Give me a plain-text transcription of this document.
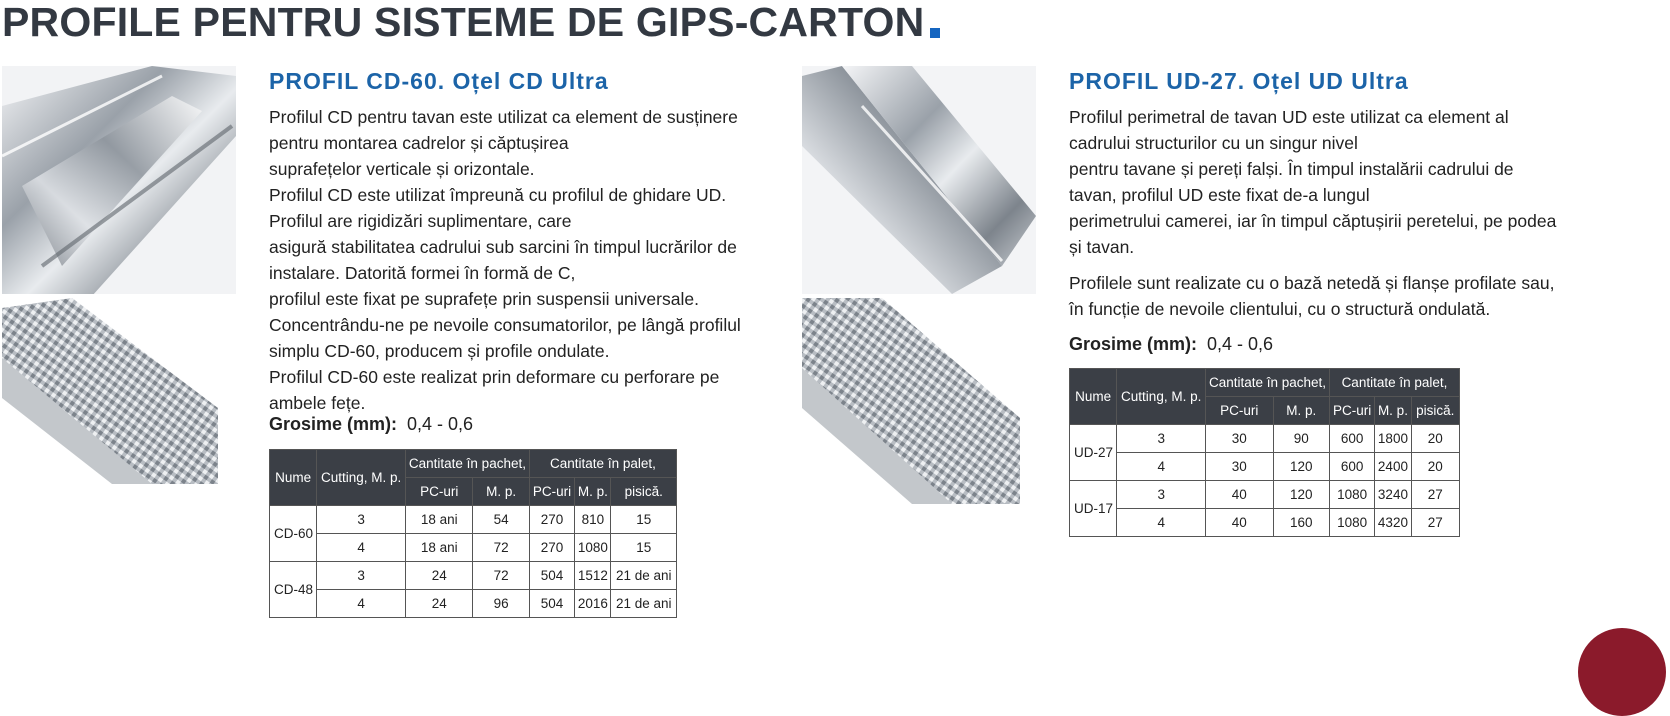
PROFILE PENTRU SISTEME DE GIPS-CARTON
PROFIL CD-60. Oțel CD Ultra

Profilul CD pentru tavan este utilizat ca element de susținere pentru montarea cadrelor și căptușirea

suprafețelor verticale și orizontale.

Profilul CD este utilizat împreună cu profilul de ghidare UD. Profilul are rigidizări suplimentare, care

asigură stabilitatea cadrului sub sarcini în timpul lucrărilor de instalare. Datorită formei în formă de C,

profilul este fixat pe suprafețe prin suspensii universale. Concentrându-ne pe nevoile consumatorilor, pe lângă profilul simplu CD-60, producem și profile ondulate.

Profilul CD-60 este realizat prin deformare cu perforare pe ambele fețe.

Grosime (mm): 0,4 - 0,6
Nume	Cutting, M. p.	Cantitate în pachet,		Cantitate în palet,		
		PC-uri	M. p.	PC-uri	M. p.	pisică.
CD-60	3	18 ani	54	270	810	15
	4	18 ani	72	270	1080	15
CD-48	3	24	72	504	1512	21 de ani
	4	24	96	504	2016	21 de ani
PROFIL UD-27. Oțel UD Ultra

Profilul perimetral de tavan UD este utilizat ca element al cadrului structurilor cu un singur nivel

pentru tavane și pereți falși. În timpul instalării cadrului de tavan, profilul UD este fixat de-a lungul

perimetrului camerei, iar în timpul căptușirii peretelui, pe podea și tavan.

Profilele sunt realizate cu o bază netedă și flanșe profilate sau, în funcție de nevoile clientului, cu o structură ondulată.

Grosime (mm): 0,4 - 0,6
Nume	Cutting, M. p.	Cantitate în pachet,		Cantitate în palet,		
		PC-uri	M. p.	PC-uri	M. p.	pisică.
UD-27	3	30	90	600	1800	20
	4	30	120	600	2400	20
UD-17	3	40	120	1080	3240	27
	4	40	160	1080	4320	27
